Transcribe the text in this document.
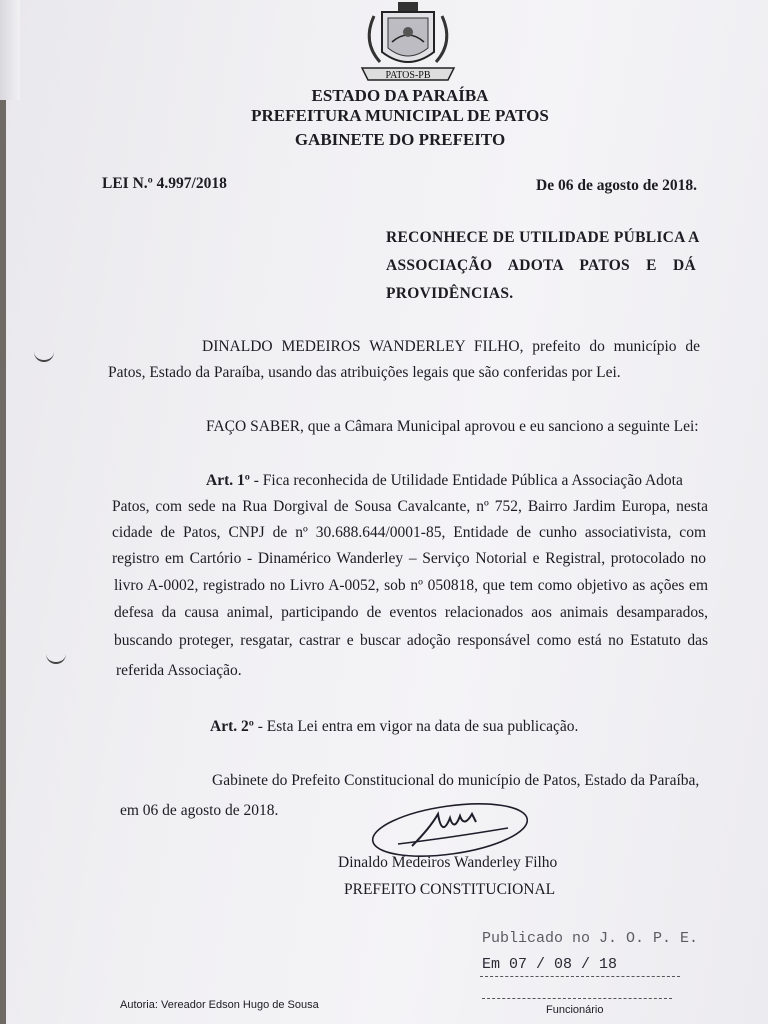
PATOS-PB
ESTADO DA PARAÍBA
PREFEITURA MUNICIPAL DE PATOS
GABINETE DO PREFEITO
LEI N.º 4.997/2018	De 06 de agosto de 2018.
RECONHECE DE UTILIDADE PÚBLICA A
ASSOCIAÇÃO ADOTA PATOS E DÁ
PROVIDÊNCIAS.
DINALDO MEDEIROS WANDERLEY FILHO, prefeito do município de
Patos, Estado da Paraíba, usando das atribuições legais que são conferidas por Lei.
FAÇO SABER, que a Câmara Municipal aprovou e eu sanciono a seguinte Lei:
Art. 1º - Fica reconhecida de Utilidade Entidade Pública a Associação Adota
Patos, com sede na Rua Dorgival de Sousa Cavalcante, nº 752, Bairro Jardim Europa, nesta
cidade de Patos, CNPJ de nº 30.688.644/0001-85, Entidade de cunho associativista, com
registro em Cartório - Dinamérico Wanderley – Serviço Notorial e Registral, protocolado no
livro A-0002, registrado no Livro A-0052, sob nº 050818, que tem como objetivo as ações em
defesa da causa animal, participando de eventos relacionados aos animais desamparados,
buscando proteger, resgatar, castrar e buscar adoção responsável como está no Estatuto das
referida Associação.
Art. 2º - Esta Lei entra em vigor na data de sua publicação.
Gabinete do Prefeito Constitucional do município de Patos, Estado da Paraíba,
em 06 de agosto de 2018.
Dinaldo Medeiros Wanderley Filho
PREFEITO CONSTITUCIONAL
Publicado no J. O. P. E.
Em 07 / 08 / 18
Funcionário
Autoria: Vereador Edson Hugo de Sousa
